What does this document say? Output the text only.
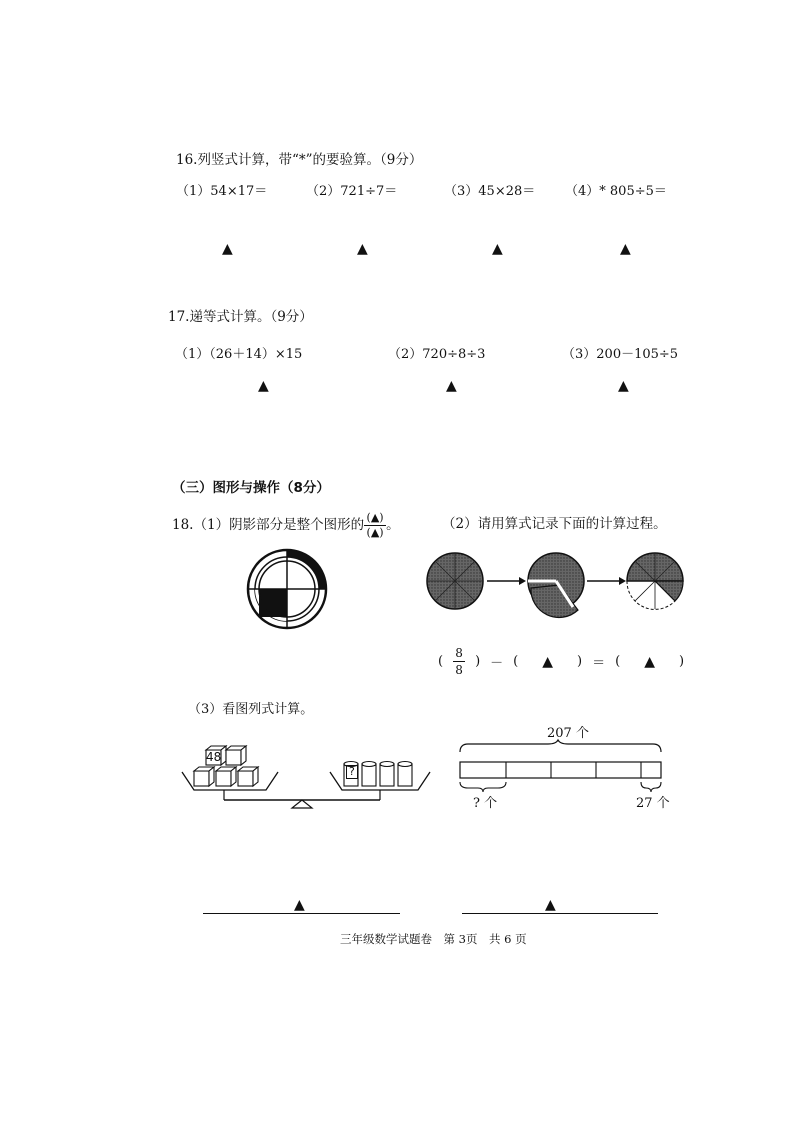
16.列竖式计算，带“*”的要验算。（9分）
（1）54×17＝	（2）721÷7＝	（3）45×28＝ （4）* 805÷5＝
▲	▲	▲	▲
17.递等式计算。（9分）
（1）（26＋14）×15	（2）720÷8÷3	（3）200－105÷5
▲	▲	▲
（三）图形与操作（8分）
18.（1）阴影部分是整个图形的 $\frac{(▲)}{(▲)}$ 。	（2）请用算式记录下面的计算过程。
( $\frac{8}{8}$ ) － ( ▲ ) ＝ ( ▲ )
（3）看图列式计算。
48
?
207 个
? 个	27 个
▲	▲
三年级数学试题卷　第 3页　共 6 页
